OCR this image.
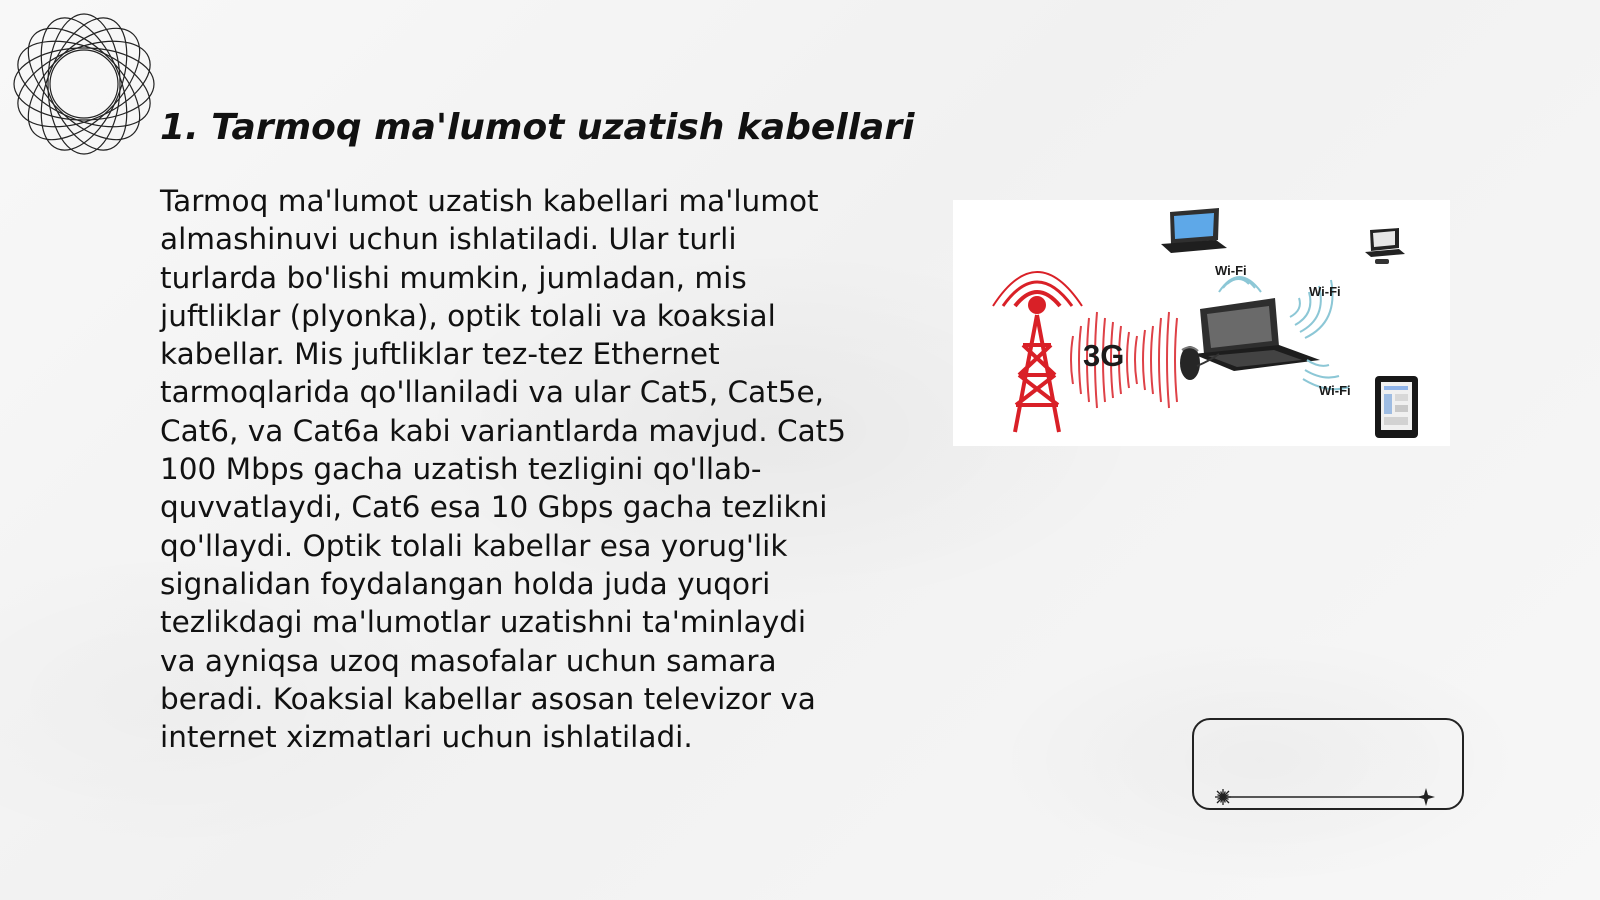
1. Tarmoq ma'lumot uzatish kabellari

Tarmoq ma'lumot uzatish kabellari ma'lumot almashinuvi uchun ishlatiladi. Ular turli turlarda bo'lishi mumkin, jumladan, mis juftliklar (plyonka), optik tolali va koaksial kabellar. Mis juftliklar tez-tez Ethernet tarmoqlarida qo'llaniladi va ular Cat5, Cat5e, Cat6, va Cat6a kabi variantlarda mavjud. Cat5 100 Mbps gacha uzatish tezligini qo'llab-quvvatlaydi, Cat6 esa 10 Gbps gacha tezlikni qo'llaydi. Optik tolali kabellar esa yorug'lik signalidan foydalangan holda juda yuqori tezlikdagi ma'lumotlar uzatishni ta'minlaydi va ayniqsa uzoq masofalar uchun samara beradi. Koaksial kabellar asosan televizor va internet xizmatlari uchun ishlatiladi.

3G
Wi-Fi
Wi-Fi
Wi-Fi
